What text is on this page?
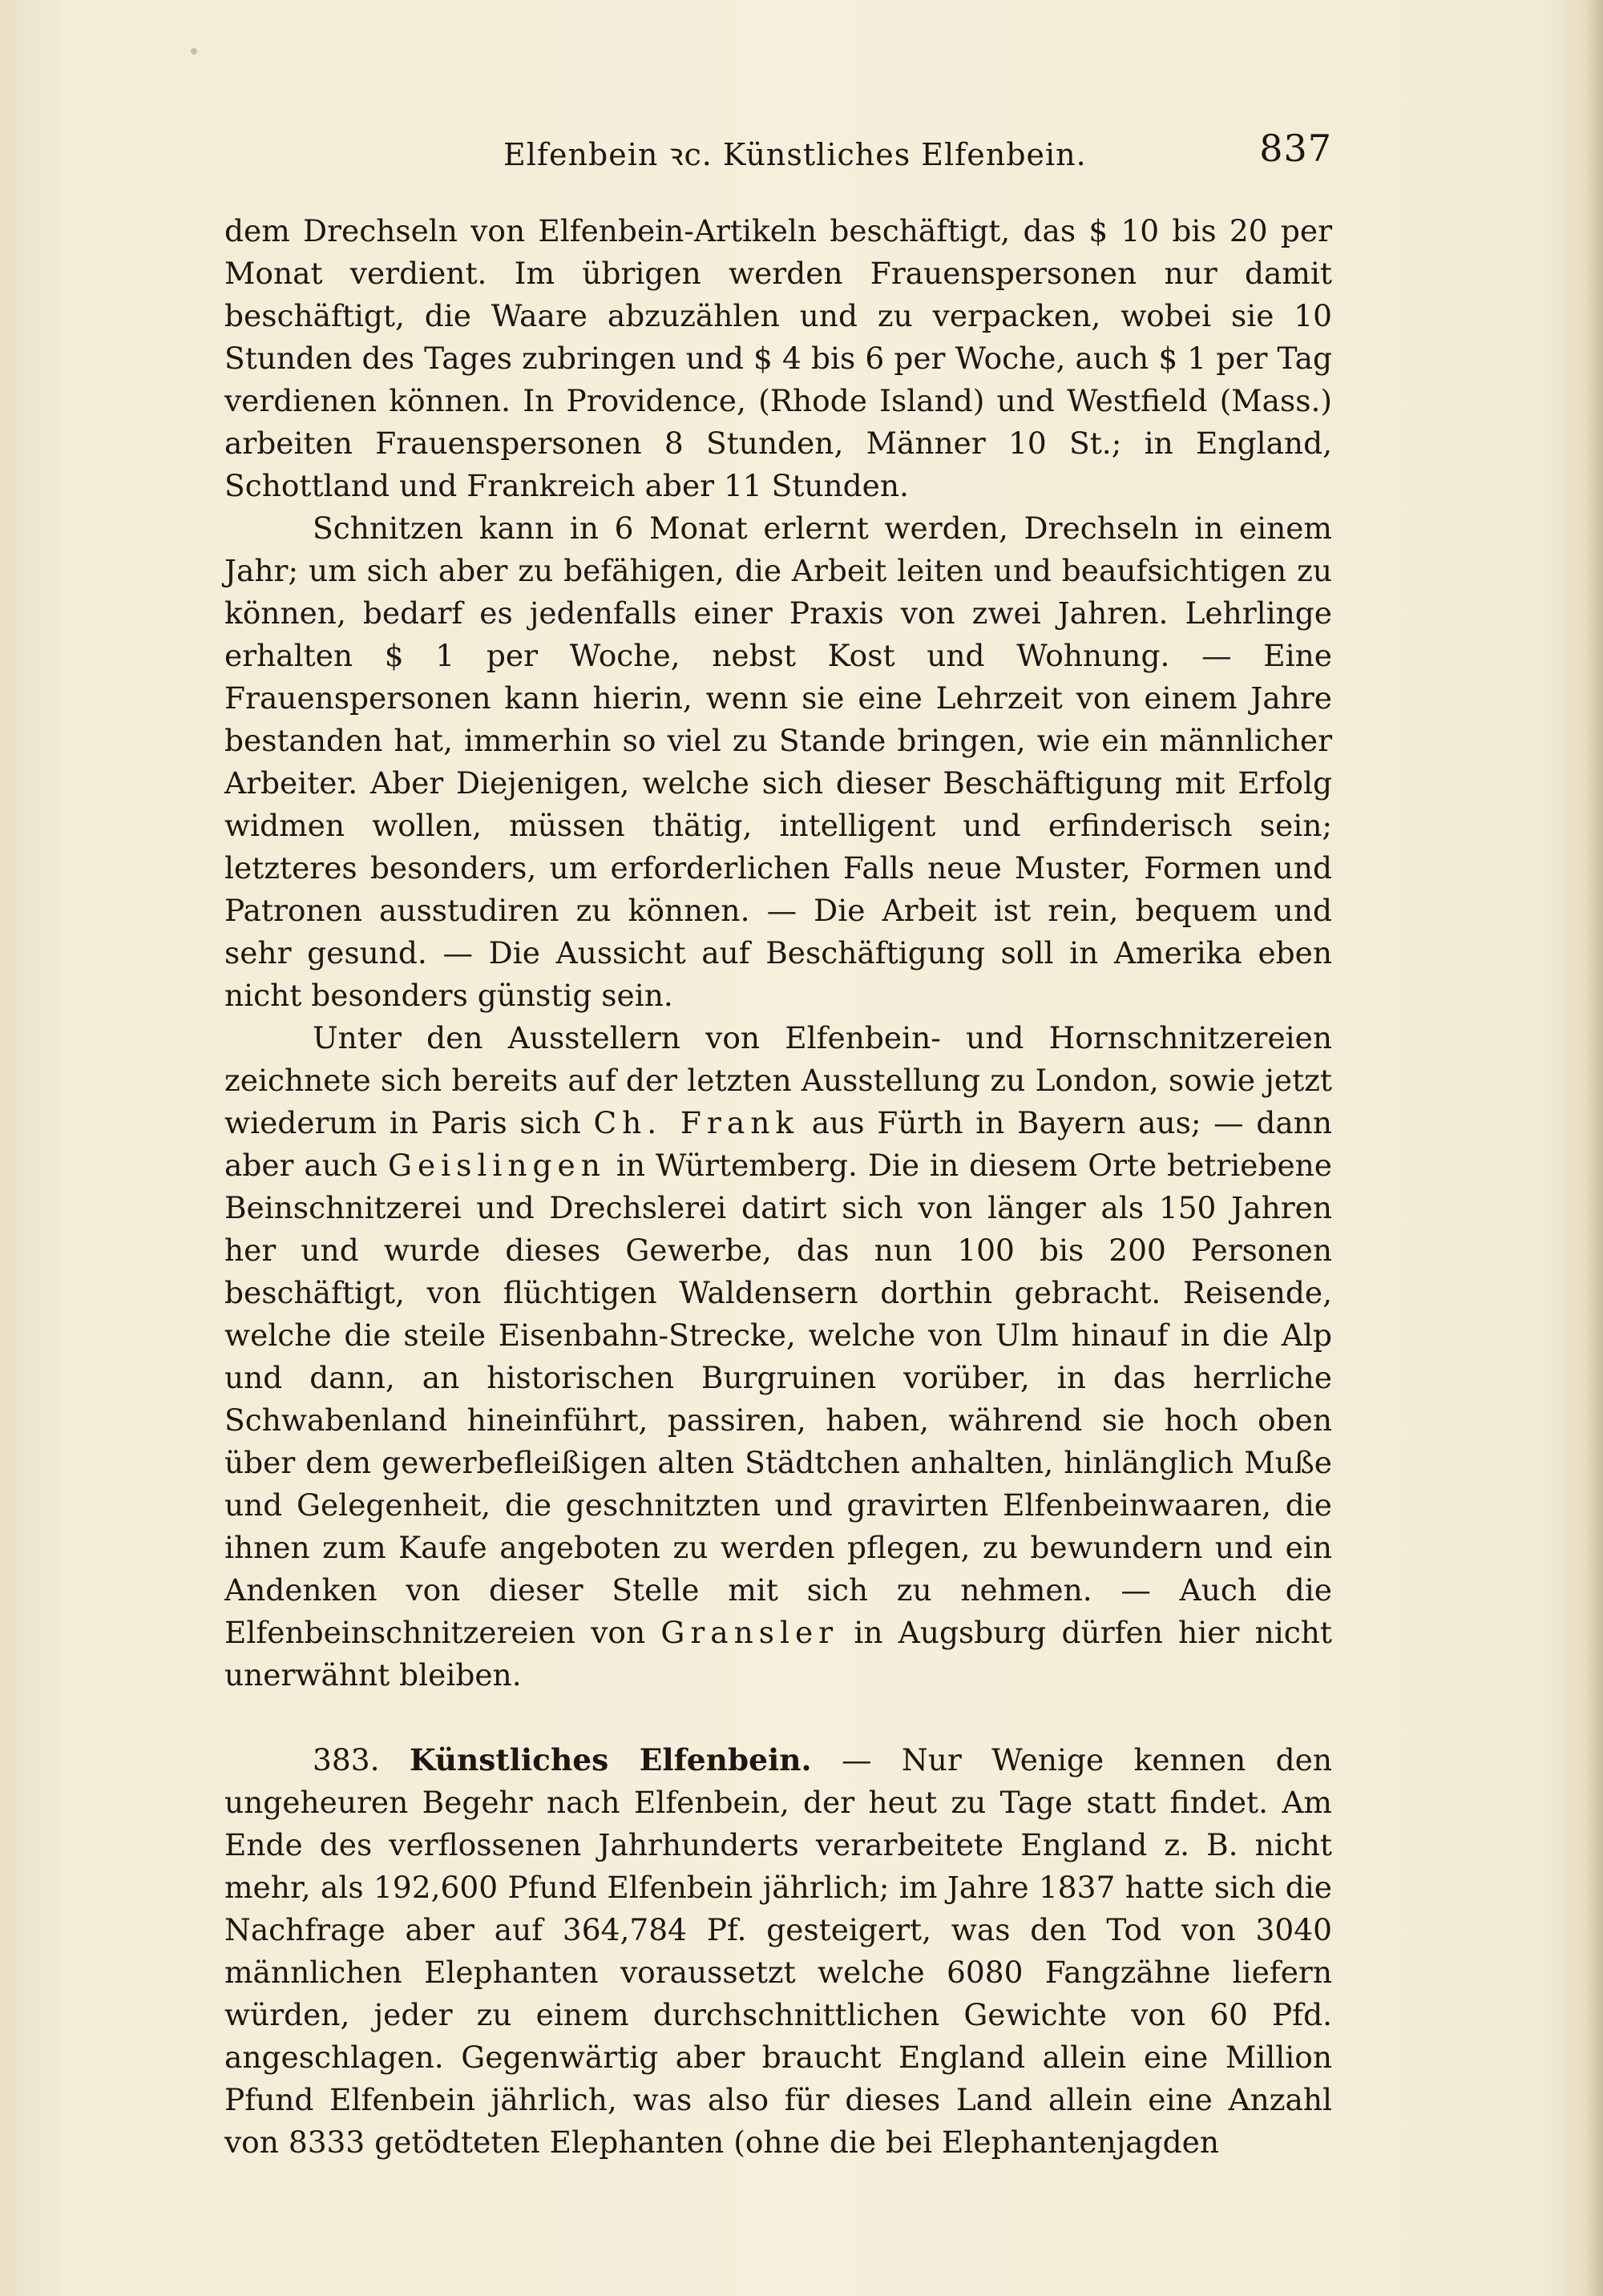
Elfenbein ꝛc. Künstliches Elfenbein.	837

dem Drechseln von Elfenbein-Artikeln beschäftigt, das $ 10 bis 20 per Monat verdient. Im übrigen werden Frauenspersonen nur damit beschäftigt, die Waare abzuzählen und zu verpacken, wobei sie 10 Stunden des Tages zubringen und $ 4 bis 6 per Woche, auch $ 1 per Tag verdienen können. In Providence, (Rhode Island) und Westfield (Mass.) arbeiten Frauenspersonen 8 Stunden, Männer 10 St.; in England, Schottland und Frankreich aber 11 Stunden.

Schnitzen kann in 6 Monat erlernt werden, Drechseln in einem Jahr; um sich aber zu befähigen, die Arbeit leiten und beaufsichtigen zu können, bedarf es jedenfalls einer Praxis von zwei Jahren. Lehrlinge erhalten $ 1 per Woche, nebst Kost und Wohnung. — Eine Frauenspersonen kann hierin, wenn sie eine Lehrzeit von einem Jahre bestanden hat, immerhin so viel zu Stande bringen, wie ein männlicher Arbeiter. Aber Diejenigen, welche sich dieser Beschäftigung mit Erfolg widmen wollen, müssen thätig, intelligent und erfinderisch sein; letzteres besonders, um erforderlichen Falls neue Muster, Formen und Patronen ausstudiren zu können. — Die Arbeit ist rein, bequem und sehr gesund. — Die Aussicht auf Beschäftigung soll in Amerika eben nicht besonders günstig sein.

Unter den Ausstellern von Elfenbein- und Hornschnitzereien zeichnete sich bereits auf der letzten Ausstellung zu London, sowie jetzt wiederum in Paris sich Ch. Frank aus Fürth in Bayern aus; — dann aber auch Geislingen in Würtemberg. Die in diesem Orte betriebene Beinschnitzerei und Drechslerei datirt sich von länger als 150 Jahren her und wurde dieses Gewerbe, das nun 100 bis 200 Personen beschäftigt, von flüchtigen Waldensern dorthin gebracht. Reisende, welche die steile Eisenbahn-Strecke, welche von Ulm hinauf in die Alp und dann, an historischen Burgruinen vorüber, in das herrliche Schwabenland hineinführt, passiren, haben, während sie hoch oben über dem gewerbefleißigen alten Städtchen anhalten, hinlänglich Muße und Gelegenheit, die geschnitzten und gravirten Elfenbeinwaaren, die ihnen zum Kaufe angeboten zu werden pflegen, zu bewundern und ein Andenken von dieser Stelle mit sich zu nehmen. — Auch die Elfenbeinschnitzereien von Gransler in Augsburg dürfen hier nicht unerwähnt bleiben.

383. Künstliches Elfenbein. — Nur Wenige kennen den ungeheuren Begehr nach Elfenbein, der heut zu Tage statt findet. Am Ende des verflossenen Jahrhunderts verarbeitete England z. B. nicht mehr, als 192,600 Pfund Elfenbein jährlich; im Jahre 1837 hatte sich die Nachfrage aber auf 364,784 Pf. gesteigert, was den Tod von 3040 männlichen Elephanten voraussetzt welche 6080 Fangzähne liefern würden, jeder zu einem durchschnittlichen Gewichte von 60 Pfd. angeschlagen. Gegenwärtig aber braucht England allein eine Million Pfund Elfenbein jährlich, was also für dieses Land allein eine Anzahl von 8333 getödteten Elephanten (ohne die bei Elephantenjagden
